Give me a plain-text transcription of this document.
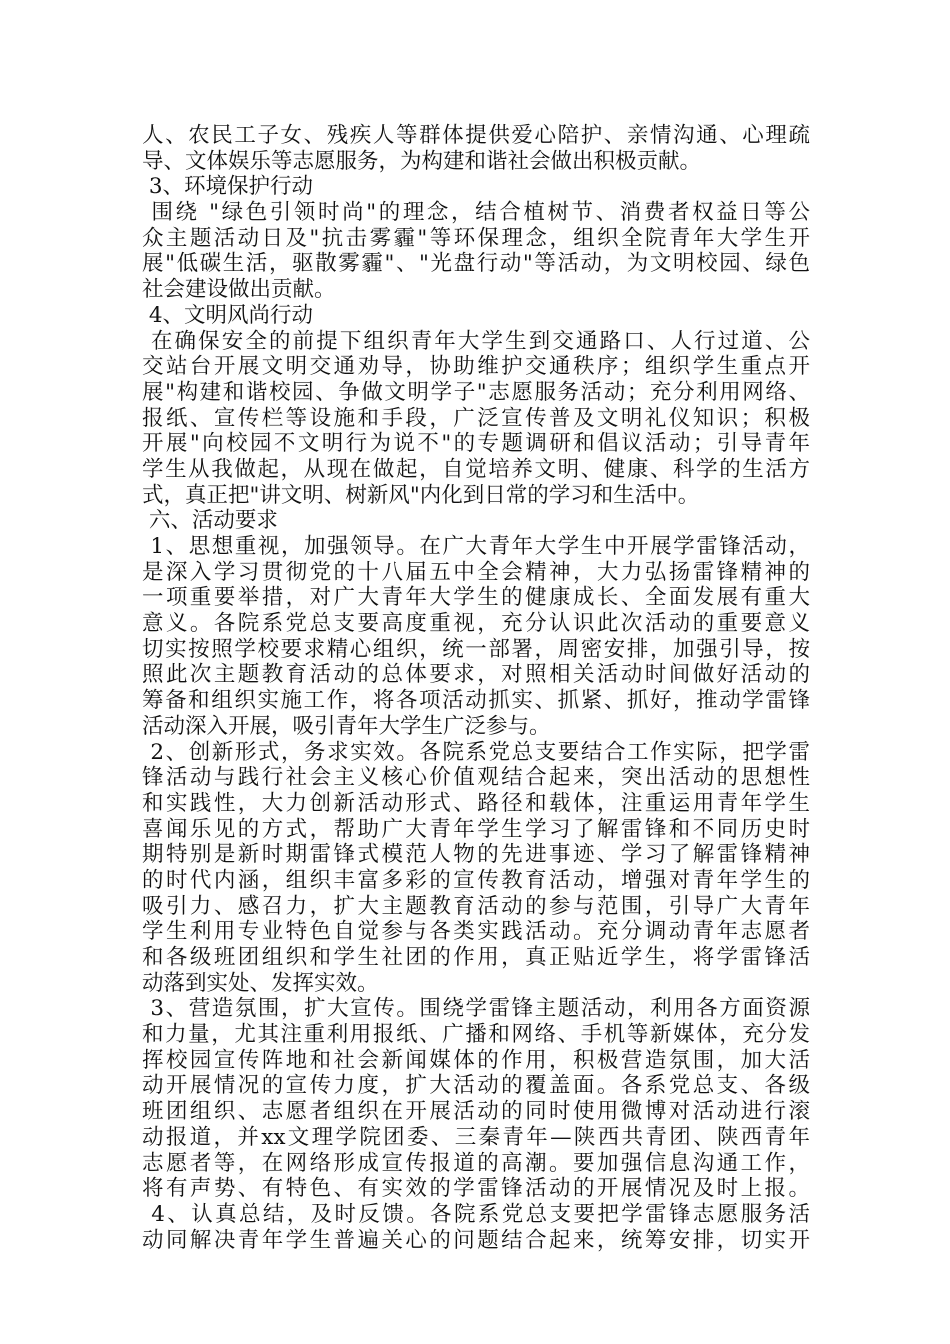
人、农民工子女、残疾人等群体提供爱心陪护、亲情沟通、心理疏
导、文体娱乐等志愿服务，为构建和谐社会做出积极贡献。
3、环境保护行动
围绕 "绿色引领时尚"的理念，结合植树节、消费者权益日等公
众主题活动日及"抗击雾霾"等环保理念，组织全院青年大学生开
展"低碳生活，驱散雾霾"、"光盘行动"等活动，为文明校园、绿色
社会建设做出贡献。
4、文明风尚行动
在确保安全的前提下组织青年大学生到交通路口、人行过道、公
交站台开展文明交通劝导，协助维护交通秩序；组织学生重点开
展"构建和谐校园、争做文明学子"志愿服务活动；充分利用网络、
报纸、宣传栏等设施和手段，广泛宣传普及文明礼仪知识；积极
开展"向校园不文明行为说不"的专题调研和倡议活动；引导青年
学生从我做起，从现在做起，自觉培养文明、健康、科学的生活方
式，真正把"讲文明、树新风"内化到日常的学习和生活中。
六、活动要求
1、思想重视，加强领导。在广大青年大学生中开展学雷锋活动，
是深入学习贯彻党的十八届五中全会精神，大力弘扬雷锋精神的
一项重要举措，对广大青年大学生的健康成长、全面发展有重大
意义。各院系党总支要高度重视，充分认识此次活动的重要意义
切实按照学校要求精心组织，统一部署，周密安排，加强引导，按
照此次主题教育活动的总体要求，对照相关活动时间做好活动的
筹备和组织实施工作，将各项活动抓实、抓紧、抓好，推动学雷锋
活动深入开展，吸引青年大学生广泛参与。
2、创新形式，务求实效。各院系党总支要结合工作实际，把学雷
锋活动与践行社会主义核心价值观结合起来，突出活动的思想性
和实践性，大力创新活动形式、路径和载体，注重运用青年学生
喜闻乐见的方式，帮助广大青年学生学习了解雷锋和不同历史时
期特别是新时期雷锋式模范人物的先进事迹、学习了解雷锋精神
的时代内涵，组织丰富多彩的宣传教育活动，增强对青年学生的
吸引力、感召力，扩大主题教育活动的参与范围，引导广大青年
学生利用专业特色自觉参与各类实践活动。充分调动青年志愿者
和各级班团组织和学生社团的作用，真正贴近学生，将学雷锋活
动落到实处、发挥实效。
3、营造氛围，扩大宣传。围绕学雷锋主题活动，利用各方面资源
和力量，尤其注重利用报纸、广播和网络、手机等新媒体，充分发
挥校园宣传阵地和社会新闻媒体的作用，积极营造氛围，加大活
动开展情况的宣传力度，扩大活动的覆盖面。各系党总支、各级
班团组织、志愿者组织在开展活动的同时使用微博对活动进行滚
动报道，并xx文理学院团委、三秦青年—陕西共青团、陕西青年
志愿者等，在网络形成宣传报道的高潮。要加强信息沟通工作，
将有声势、有特色、有实效的学雷锋活动的开展情况及时上报。
4、认真总结，及时反馈。各院系党总支要把学雷锋志愿服务活
动同解决青年学生普遍关心的问题结合起来，统筹安排，切实开
